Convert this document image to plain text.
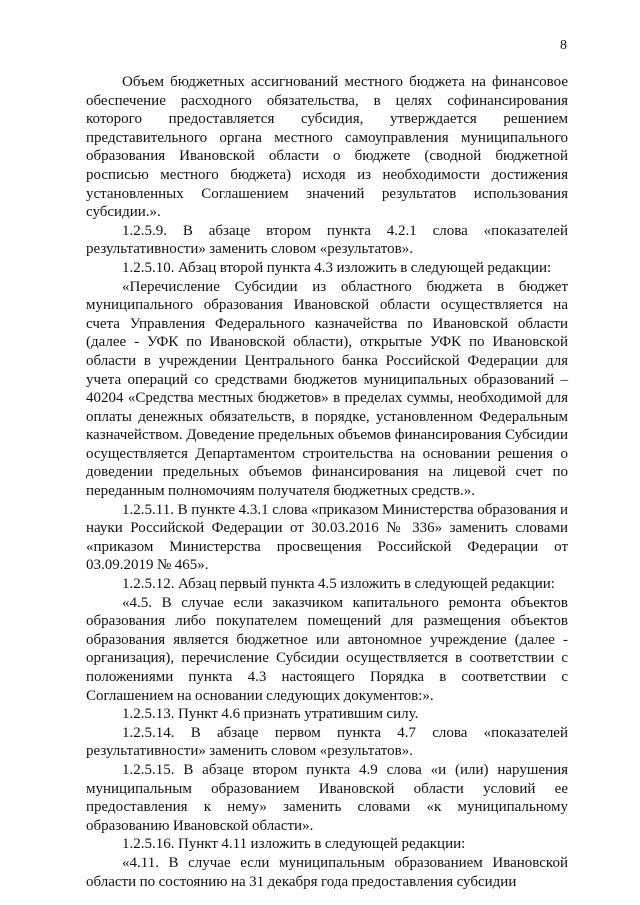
8

Объем бюджетных ассигнований местного бюджета на финансовое обеспечение расходного обязательства, в целях софинансирования которого предоставляется субсидия, утверждается решением представительного органа местного самоуправления муниципального образования Ивановской области о бюджете (сводной бюджетной росписью местного бюджета) исходя из необходимости достижения установленных Соглашением значений результатов использования субсидии.».

1.2.5.9. В абзаце втором пункта 4.2.1 слова «показателей результативности» заменить словом «результатов».

1.2.5.10. Абзац второй пункта 4.3 изложить в следующей редакции:

«Перечисление Субсидии из областного бюджета в бюджет муниципального образования Ивановской области осуществляется на счета Управления Федерального казначейства по Ивановской области (далее - УФК по Ивановской области), открытые УФК по Ивановской области в учреждении Центрального банка Российской Федерации для учета операций со средствами бюджетов муниципальных образований – 40204 «Средства местных бюджетов» в пределах суммы, необходимой для оплаты денежных обязательств, в порядке, установленном Федеральным казначейством. Доведение предельных объемов финансирования Субсидии осуществляется Департаментом строительства на основании решения о доведении предельных объемов финансирования на лицевой счет по переданным полномочиям получателя бюджетных средств.».

1.2.5.11. В пункте 4.3.1 слова «приказом Министерства образования и науки Российской Федерации от 30.03.2016 № 336» заменить словами «приказом Министерства просвещения Российской Федерации от 03.09.2019 № 465».

1.2.5.12. Абзац первый пункта 4.5 изложить в следующей редакции:

«4.5. В случае если заказчиком капитального ремонта объектов образования либо покупателем помещений для размещения объектов образования является бюджетное или автономное учреждение (далее - организация), перечисление Субсидии осуществляется в соответствии с положениями пункта 4.3 настоящего Порядка в соответствии с Соглашением на основании следующих документов:».

1.2.5.13. Пункт 4.6 признать утратившим силу.

1.2.5.14. В абзаце первом пункта 4.7 слова «показателей результативности» заменить словом «результатов».

1.2.5.15. В абзаце втором пункта 4.9 слова «и (или) нарушения муниципальным образованием Ивановской области условий ее предоставления к нему» заменить словами «к муниципальному образованию Ивановской области».

1.2.5.16. Пункт 4.11 изложить в следующей редакции:

«4.11. В случае если муниципальным образованием Ивановской области по состоянию на 31 декабря года предоставления субсидии
